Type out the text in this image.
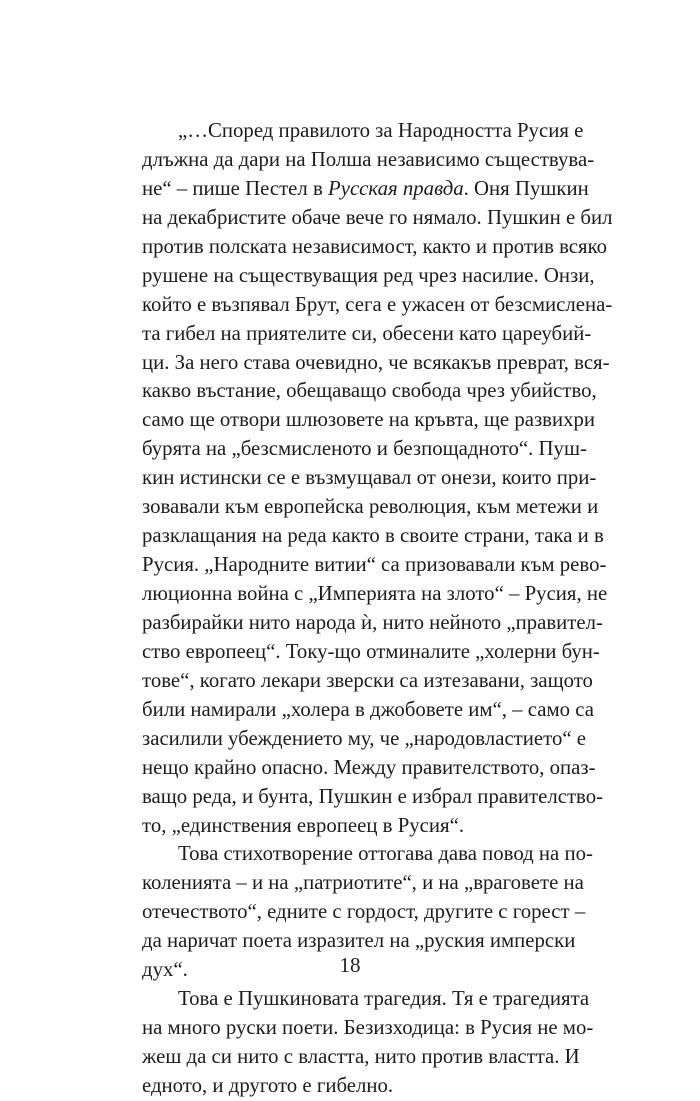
„…Според правилото за Народността Русия е
длъжна да дари на Полша независимо съществува-
не“ – пише Пестел в Русская правда. Оня Пушкин
на декабристите обаче вече го нямало. Пушкин е бил
против полската независимост, както и против всяко
рушене на съществуващия ред чрез насилие. Онзи,
който е възпявал Брут, сега е ужасен от безсмислена-
та гибел на приятелите си, обесени като цареубий-
ци. За него става очевидно, че всякакъв преврат, вся-
какво въстание, обещаващо свобода чрез убийство,
само ще отвори шлюзовете на кръвта, ще развихри
бурята на „безсмисленото и безпощадното“. Пуш-
кин истински се е възмущавал от онези, които при-
зовавали към европейска революция, към метежи и
разклащания на реда както в своите страни, така и в
Русия. „Народните витии“ са призовавали към рево-
люционна война с „Империята на злото“ – Русия, не
разбирайки нито народа ѝ, нито нейното „правител-
ство европеец“. Току-що отминалите „холерни бун-
тове“, когато лекари зверски са изтезавани, защото
били намирали „холера в джобовете им“, – само са
засилили убеждението му, че „народовластието“ е
нещо крайно опасно. Между правителството, опаз-
ващо реда, и бунта, Пушкин е избрал правителство-
то, „единствения европеец в Русия“.
Това стихотворение оттогава дава повод на по-
коленията – и на „патриотите“, и на „враговете на
отечеството“, едните с гордост, другите с горест –
да наричат поета изразител на „руския имперски
дух“.
Това е Пушкиновата трагедия. Тя е трагедията
на много руски поети. Безизходица: в Русия не мо-
жеш да си нито с властта, нито против властта. И
едното, и другото е гибелно.
18
